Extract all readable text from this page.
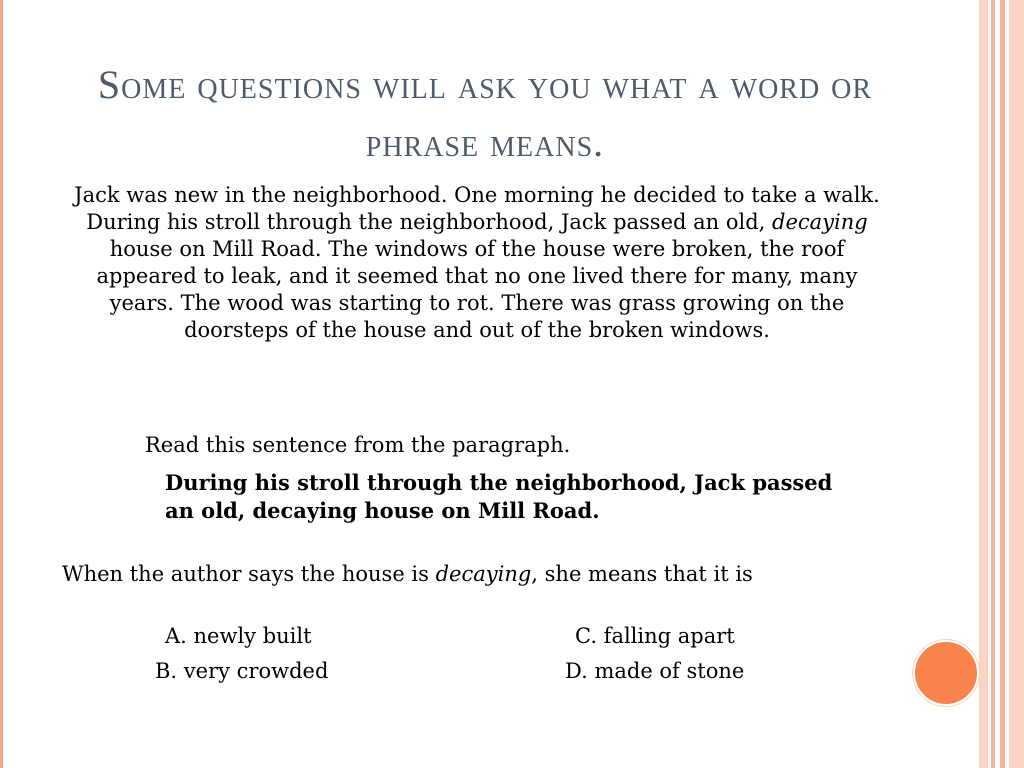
Some questions will ask you what a word or phrase means.
Jack was new in the neighborhood. One morning he decided to take a walk. During his stroll through the neighborhood, Jack passed an old, decaying house on Mill Road. The windows of the house were broken, the roof appeared to leak, and it seemed that no one lived there for many, many years. The wood was starting to rot. There was grass growing on the doorsteps of the house and out of the broken windows.
Read this sentence from the paragraph.
During his stroll through the neighborhood, Jack passed an old, decaying house on Mill Road.
When the author says the house is decaying, she means that it is
A. newly built	C. falling apart
B. very crowded	D. made of stone
